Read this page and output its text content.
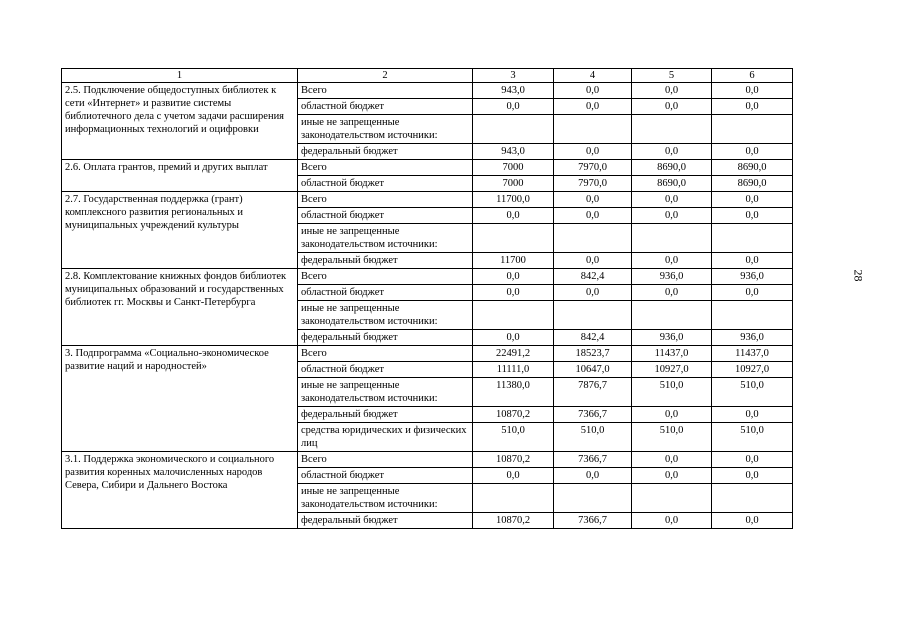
28
1	2	3	4	5	6
2.5. Подключение общедоступных библиотек к сети «Интернет» и развитие системы библиотечного дела с учетом задачи расширения информационных технологий и оцифровки	Всего	943,0	0,0	0,0	0,0
	областной бюджет	0,0	0,0	0,0	0,0
	иные не запрещенные законодательством источники:				
	федеральный бюджет	943,0	0,0	0,0	0,0
2.6. Оплата грантов, премий и других выплат	Всего	7000	7970,0	8690,0	8690,0
	областной бюджет	7000	7970,0	8690,0	8690,0
2.7. Государственная поддержка (грант) комплексного развития региональных и муниципальных учреждений культуры	Всего	11700,0	0,0	0,0	0,0
	областной бюджет	0,0	0,0	0,0	0,0
	иные не запрещенные законодательством источники:				
	федеральный бюджет	11700	0,0	0,0	0,0
2.8. Комплектование книжных фондов библиотек муниципальных образований и государственных библиотек гг. Москвы и Санкт-Петербурга	Всего	0,0	842,4	936,0	936,0
	областной бюджет	0,0	0,0	0,0	0,0
	иные не запрещенные законодательством источники:				
	федеральный бюджет	0,0	842,4	936,0	936,0
3. Подпрограмма «Социально-экономическое развитие наций и народностей»	Всего	22491,2	18523,7	11437,0	11437,0
	областной бюджет	11111,0	10647,0	10927,0	10927,0
	иные не запрещенные законодательством источники:	11380,0	7876,7	510,0	510,0
	федеральный бюджет	10870,2	7366,7	0,0	0,0
	средства юридических и физических лиц	510,0	510,0	510,0	510,0
3.1. Поддержка экономического и социального развития коренных малочисленных народов Севера, Сибири и Дальнего Востока	Всего	10870,2	7366,7	0,0	0,0
	областной бюджет	0,0	0,0	0,0	0,0
	иные не запрещенные законодательством источники:				
	федеральный бюджет	10870,2	7366,7	0,0	0,0
